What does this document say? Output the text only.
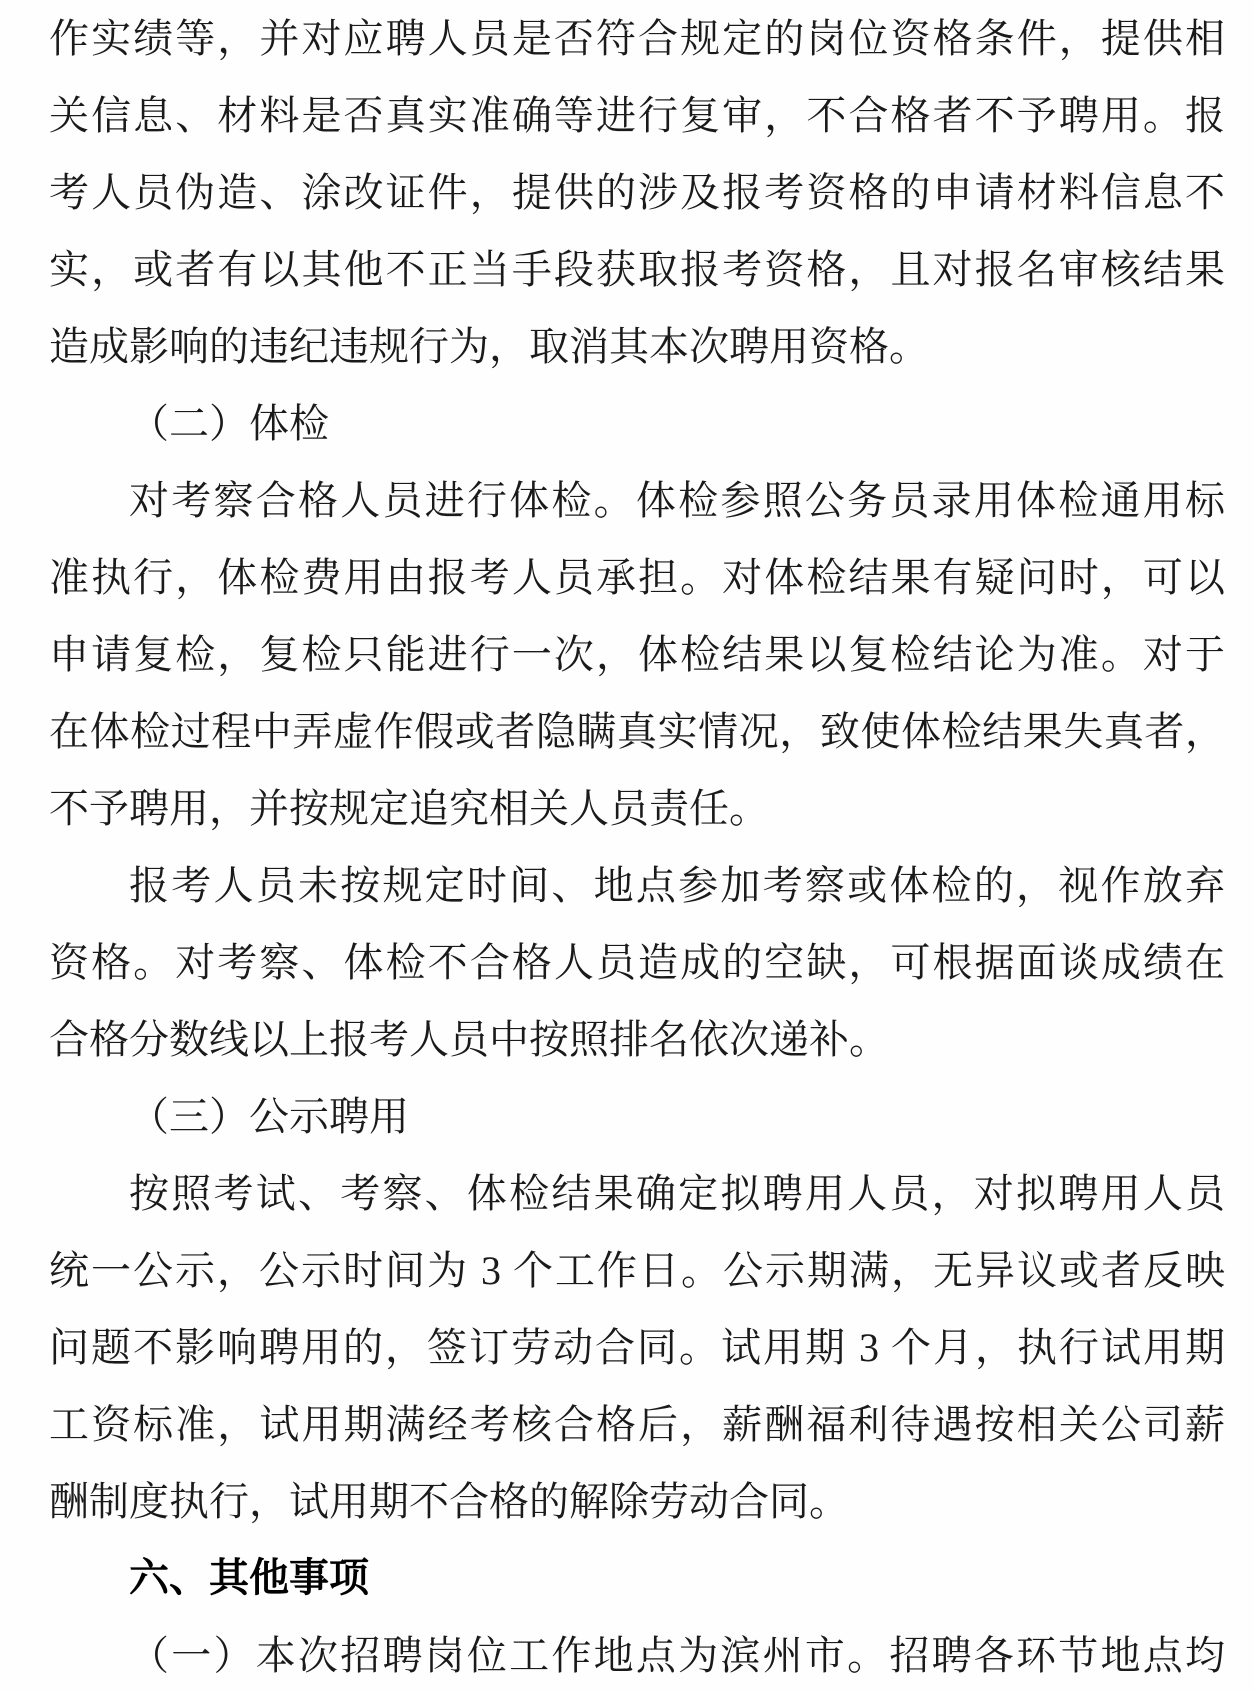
作实绩等，并对应聘人员是否符合规定的岗位资格条件，提供相
关信息、材料是否真实准确等进行复审，不合格者不予聘用。报
考人员伪造、涂改证件，提供的涉及报考资格的申请材料信息不
实，或者有以其他不正当手段获取报考资格，且对报名审核结果
造成影响的违纪违规行为，取消其本次聘用资格。
（二）体检
对考察合格人员进行体检。体检参照公务员录用体检通用标
准执行，体检费用由报考人员承担。对体检结果有疑问时，可以
申请复检，复检只能进行一次，体检结果以复检结论为准。对于
在体检过程中弄虚作假或者隐瞒真实情况，致使体检结果失真者，
不予聘用，并按规定追究相关人员责任。
报考人员未按规定时间、地点参加考察或体检的，视作放弃
资格。对考察、体检不合格人员造成的空缺，可根据面谈成绩在
合格分数线以上报考人员中按照排名依次递补。
（三）公示聘用
按照考试、考察、体检结果确定拟聘用人员，对拟聘用人员
统一公示，公示时间为 3 个工作日。公示期满，无异议或者反映
问题不影响聘用的，签订劳动合同。试用期 3 个月，执行试用期
工资标准，试用期满经考核合格后，薪酬福利待遇按相关公司薪
酬制度执行，试用期不合格的解除劳动合同。
六、其他事项
（一）本次招聘岗位工作地点为滨州市。招聘各环节地点均
